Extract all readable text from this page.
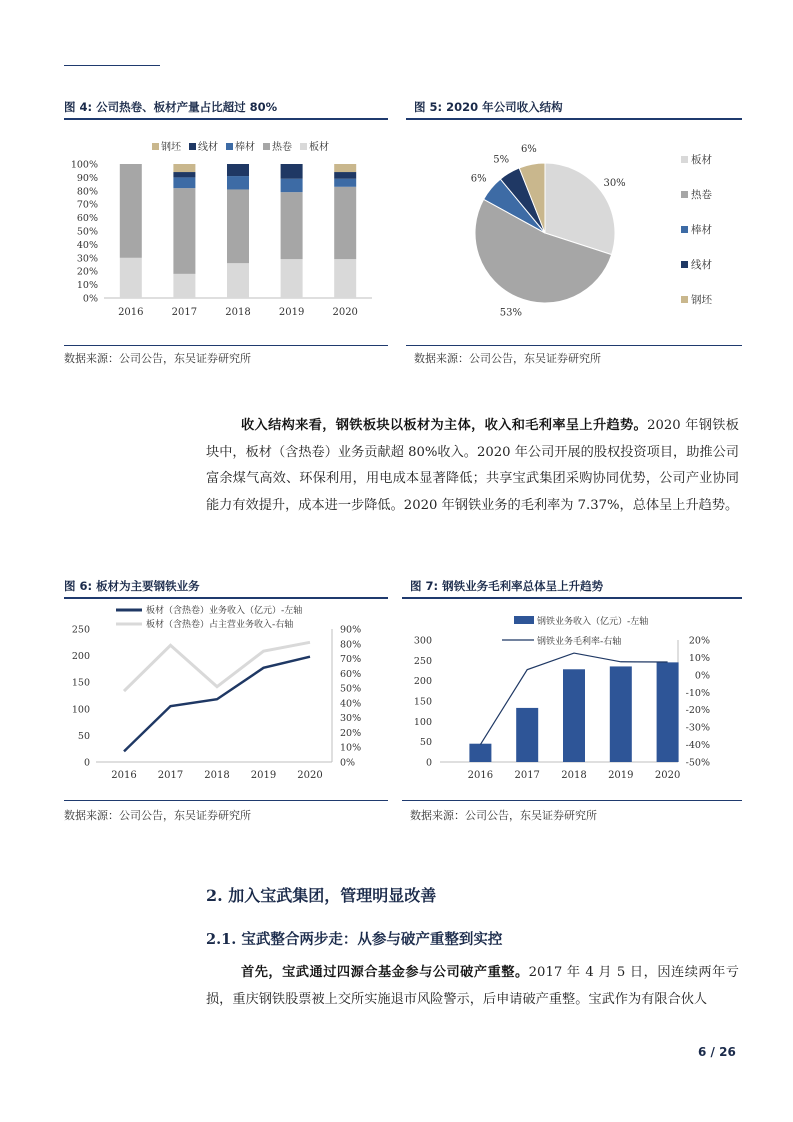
图 4: 公司热卷、板材产量占比超过 80%
0%
10%
20%
30%
40%
50%
60%
70%
80%
90%
100%
2016	2017	2018	2019	2020
钢坯 线材 棒材 热卷 板材
数据来源：公司公告，东吴证券研究所
图 5: 2020 年公司收入结构
30%
53%
6%
5%
6%
板材
热卷
棒材
线材
钢坯
数据来源：公司公告，东吴证券研究所

收入结构来看，钢铁板块以板材为主体，收入和毛利率呈上升趋势。2020 年钢铁板块中，板材（含热卷）业务贡献超 80%收入。2020 年公司开展的股权投资项目，助推公司富余煤气高效、环保利用，用电成本显著降低；共享宝武集团采购协同优势，公司产业协同能力有效提升，成本进一步降低。2020 年钢铁业务的毛利率为 7.37%，总体呈上升趋势。

图 6: 板材为主要钢铁业务
0
50
100
150
200
250
0%
10%
20%
30%
40%
50%
60%
70%
80%
90%
2016 2017 2018 2019 2020
板材（含热卷）业务收入（亿元）-左轴
板材（含热卷）占主营业务收入-右轴
数据来源：公司公告，东吴证券研究所
图 7: 钢铁业务毛利率总体呈上升趋势
0
50
100
150
200
250
300
-50%
-40%
-30%
-20%
-10%
0%
10%
20%
2016 2017 2018 2019 2020
钢铁业务收入（亿元）-左轴
钢铁业务毛利率-右轴
数据来源：公司公告，东吴证券研究所
2. 加入宝武集团，管理明显改善
2.1. 宝武整合两步走：从参与破产重整到实控

首先，宝武通过四源合基金参与公司破产重整。2017 年 4 月 5 日，因连续两年亏损，重庆钢铁股票被上交所实施退市风险警示，后申请破产重整。宝武作为有限合伙人

6 / 26
